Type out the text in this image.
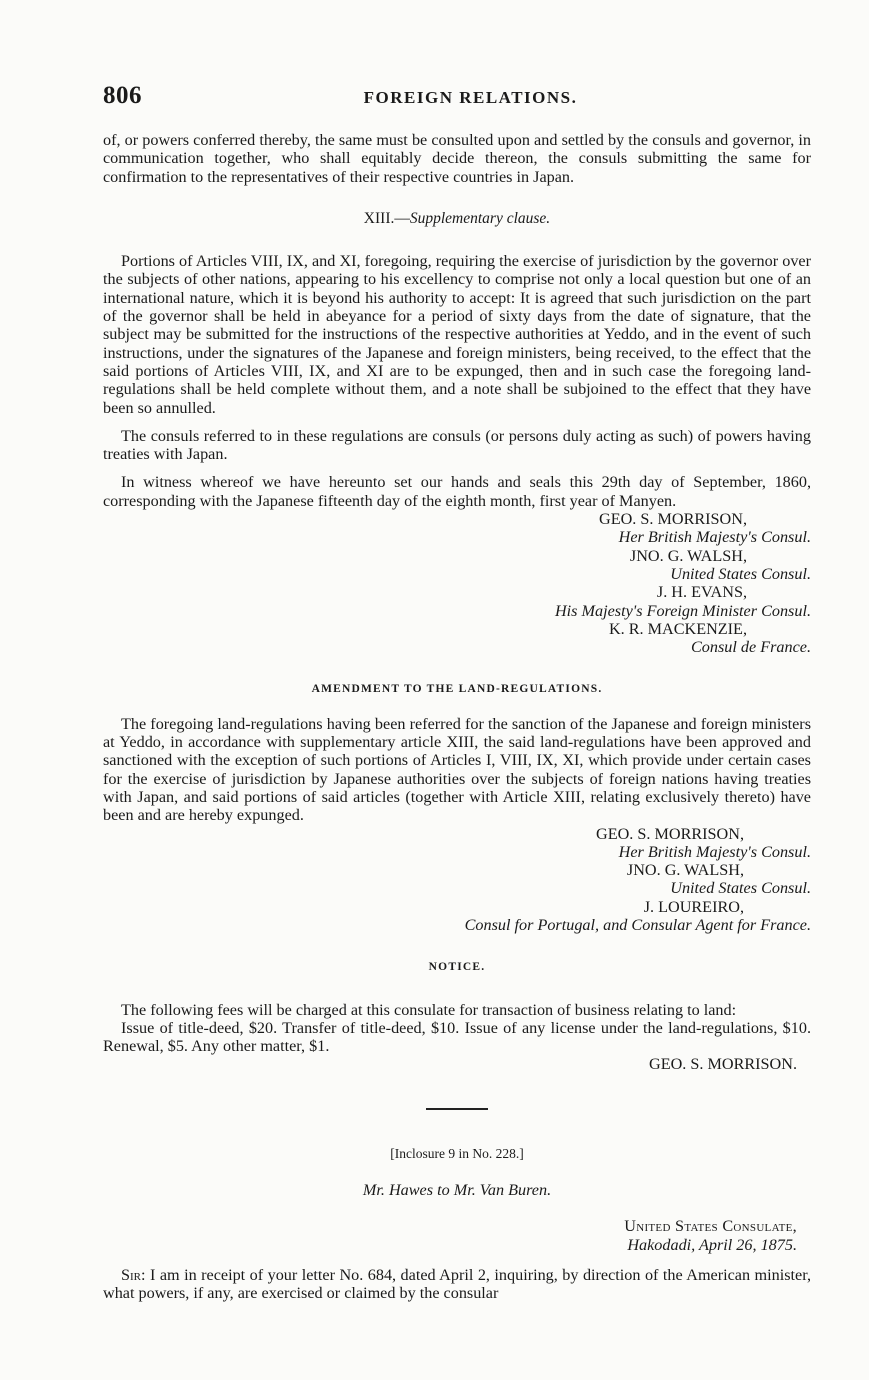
806	FOREIGN RELATIONS.

of, or powers conferred thereby, the same must be consulted upon and settled by the consuls and governor, in communication together, who shall equitably decide thereon, the consuls submitting the same for confirmation to the representatives of their respective countries in Japan.

XIII.—Supplementary clause.

Portions of Articles VIII, IX, and XI, foregoing, requiring the exercise of jurisdiction by the governor over the subjects of other nations, appearing to his excellency to comprise not only a local question but one of an international nature, which it is beyond his authority to accept: It is agreed that such jurisdiction on the part of the governor shall be held in abeyance for a period of sixty days from the date of signature, that the subject may be submitted for the instructions of the respective authorities at Yeddo, and in the event of such instructions, under the signatures of the Japanese and foreign ministers, being received, to the effect that the said portions of Articles VIII, IX, and XI are to be expunged, then and in such case the foregoing land-regulations shall be held complete without them, and a note shall be subjoined to the effect that they have been so annulled.

The consuls referred to in these regulations are consuls (or persons duly acting as such) of powers having treaties with Japan.

In witness whereof we have hereunto set our hands and seals this 29th day of September, 1860, corresponding with the Japanese fifteenth day of the eighth month, first year of Manyen.

GEO. S. MORRISON,
Her British Majesty's Consul.
JNO. G. WALSH,
United States Consul.
J. H. EVANS,
His Majesty's Foreign Minister Consul.
K. R. MACKENZIE,
Consul de France.

AMENDMENT TO THE LAND-REGULATIONS.

The foregoing land-regulations having been referred for the sanction of the Japanese and foreign ministers at Yeddo, in accordance with supplementary article XIII, the said land-regulations have been approved and sanctioned with the exception of such portions of Articles I, VIII, IX, XI, which provide under certain cases for the exercise of jurisdiction by Japanese authorities over the subjects of foreign nations having treaties with Japan, and said portions of said articles (together with Article XIII, relating exclusively thereto) have been and are hereby expunged.

GEO. S. MORRISON,
Her British Majesty's Consul.
JNO. G. WALSH,
United States Consul.
J. LOUREIRO,
Consul for Portugal, and Consular Agent for France.

NOTICE.

The following fees will be charged at this consulate for transaction of business relating to land:

Issue of title-deed, $20. Transfer of title-deed, $10. Issue of any license under the land-regulations, $10. Renewal, $5. Any other matter, $1.

GEO. S. MORRISON.

[Inclosure 9 in No. 228.]

Mr. Hawes to Mr. Van Buren.

United States Consulate,
Hakodadi, April 26, 1875.

Sir: I am in receipt of your letter No. 684, dated April 2, inquiring, by direction of the American minister, what powers, if any, are exercised or claimed by the consular
